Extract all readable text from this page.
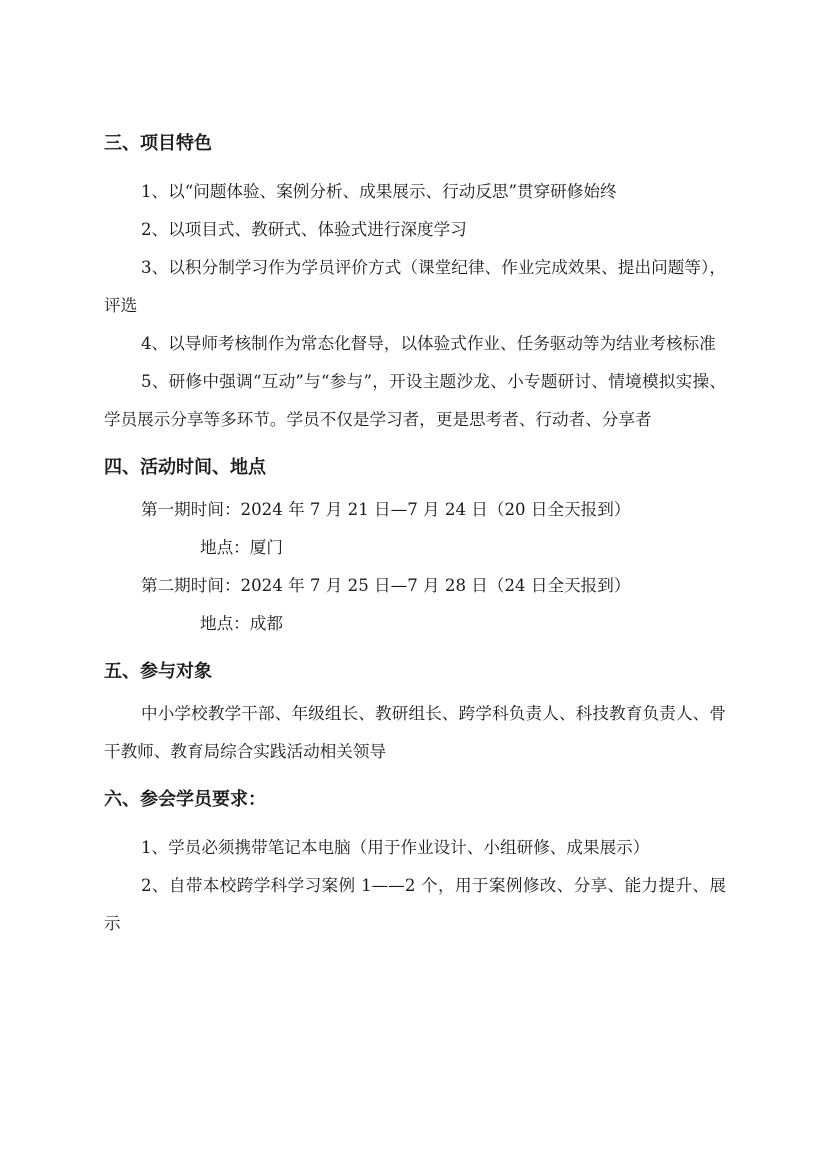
三、项目特色

1、以“问题体验、案例分析、成果展示、行动反思”贯穿研修始终

2、以项目式、教研式、体验式进行深度学习

3、以积分制学习作为学员评价方式（课堂纪律、作业完成效果、提出问题等），评选

4、以导师考核制作为常态化督导，以体验式作业、任务驱动等为结业考核标准

5、研修中强调“互动”与“参与”，开设主题沙龙、小专题研讨、情境模拟实操、学员展示分享等多环节。学员不仅是学习者，更是思考者、行动者、分享者

四、活动时间、地点

第一期时间：2024 年 7 月 21 日—7 月 24 日（20 日全天报到）

地点：厦门

第二期时间：2024 年 7 月 25 日—7 月 28 日（24 日全天报到）

地点：成都

五、参与对象

中小学校教学干部、年级组长、教研组长、跨学科负责人、科技教育负责人、骨干教师、教育局综合实践活动相关领导

六、参会学员要求：

1、学员必须携带笔记本电脑（用于作业设计、小组研修、成果展示）

2、自带本校跨学科学习案例 1——2 个，用于案例修改、分享、能力提升、展示
